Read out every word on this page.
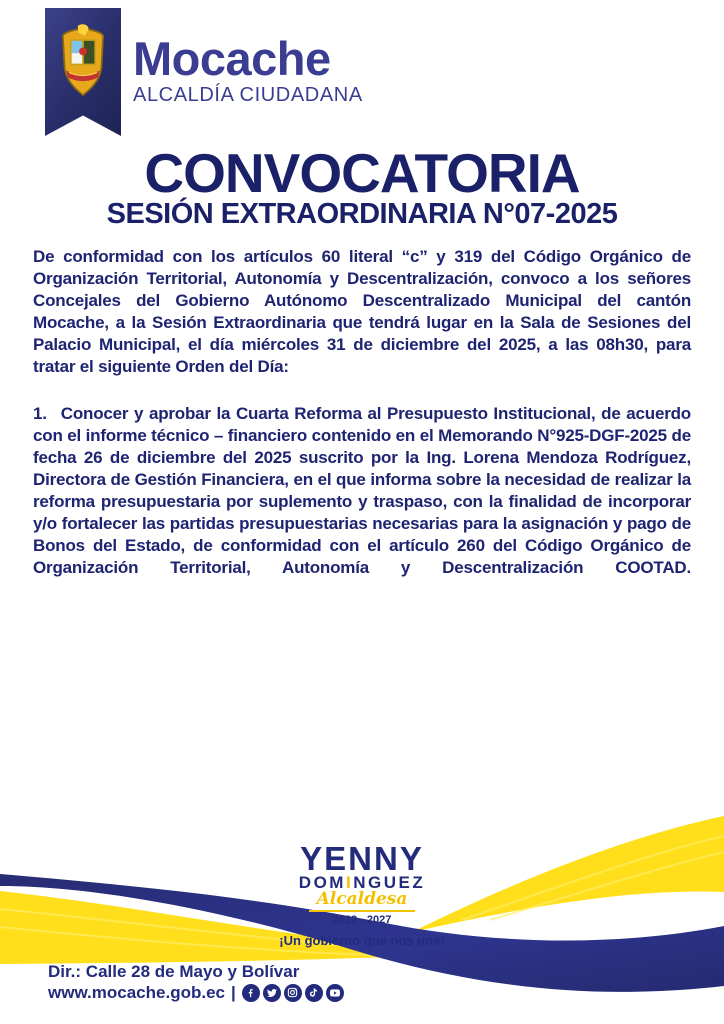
Mocache
ALCALDÍA CIUDADANA
CONVOCATORIA
SESIÓN EXTRAORDINARIA N°07-2025

De conformidad con los artículos 60 literal “c” y 319 del Código Orgánico de Organización Territorial, Autonomía y Descentralización, convoco a los señores Concejales del Gobierno Autónomo Descentralizado Municipal del cantón Mocache, a la Sesión Extraordinaria que tendrá lugar en la Sala de Sesiones del Palacio Municipal, el día miércoles 31 de diciembre del 2025, a las 08h30, para tratar el siguiente Orden del Día:

1. Conocer y aprobar la Cuarta Reforma al Presupuesto Institucional, de acuerdo con el informe técnico – financiero contenido en el Memorando N°925-DGF-2025 de fecha 26 de diciembre del 2025 suscrito por la Ing. Lorena Mendoza Rodríguez, Directora de Gestión Financiera, en el que informa sobre la necesidad de realizar la reforma presupuestaria por suplemento y traspaso, con la finalidad de incorporar y/o fortalecer las partidas presupuestarias necesarias para la asignación y pago de Bonos del Estado, de conformidad con el artículo 260 del Código Orgánico de Organización Territorial, Autonomía y Descentralización COOTAD.

YENNY
DOMINGUEZ
Alcaldesa
2023 - 2027
¡Un gobierno que nos une!
Dir.: Calle 28 de Mayo y Bolívar
www.mocache.gob.ec |
